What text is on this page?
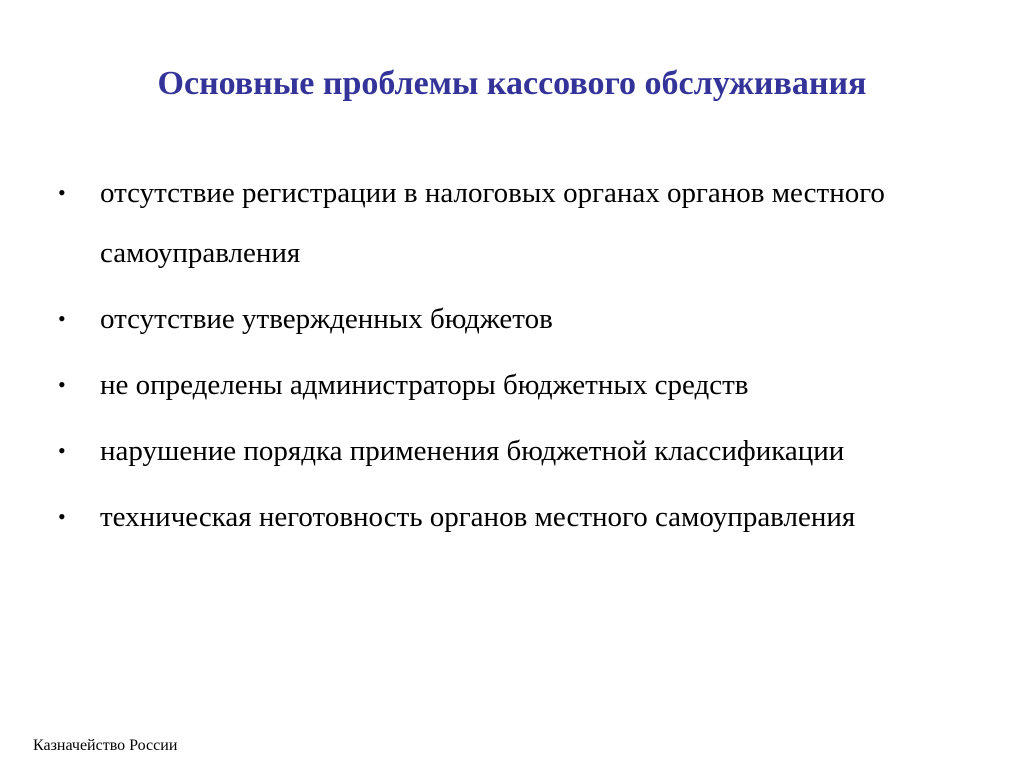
Основные проблемы кассового обслуживания
•	отсутствие регистрации в налоговых органах органов местного самоуправления
•	отсутствие утвержденных бюджетов
•	не определены администраторы бюджетных средств
•	нарушение порядка применения бюджетной классификации
•	техническая неготовность органов местного самоуправления
Казначейство России
